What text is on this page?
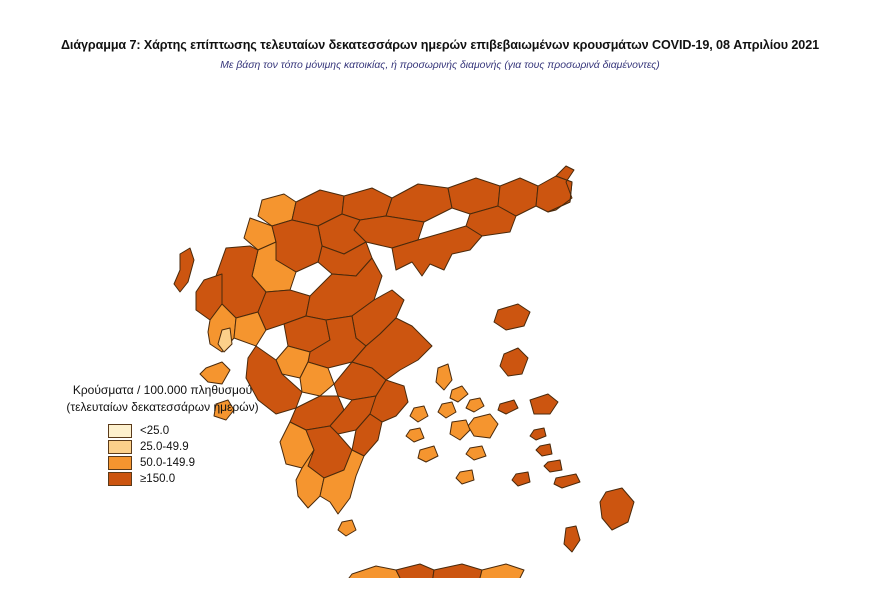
Διάγραμμα 7: Χάρτης επίπτωσης τελευταίων δεκατεσσάρων ημερών επιβεβαιωμένων κρουσμάτων COVID-19, 08 Απριλίου 2021
Με βάση τον τόπο μόνιμης κατοικίας, ή προσωρινής διαμονής (για τους προσωρινά διαμένοντες)
Κρούσματα / 100.000 πληθυσμού
(τελευταίων δεκατεσσάρων ημερών)
<25.0
25.0-49.9
50.0-149.9
≥150.0
